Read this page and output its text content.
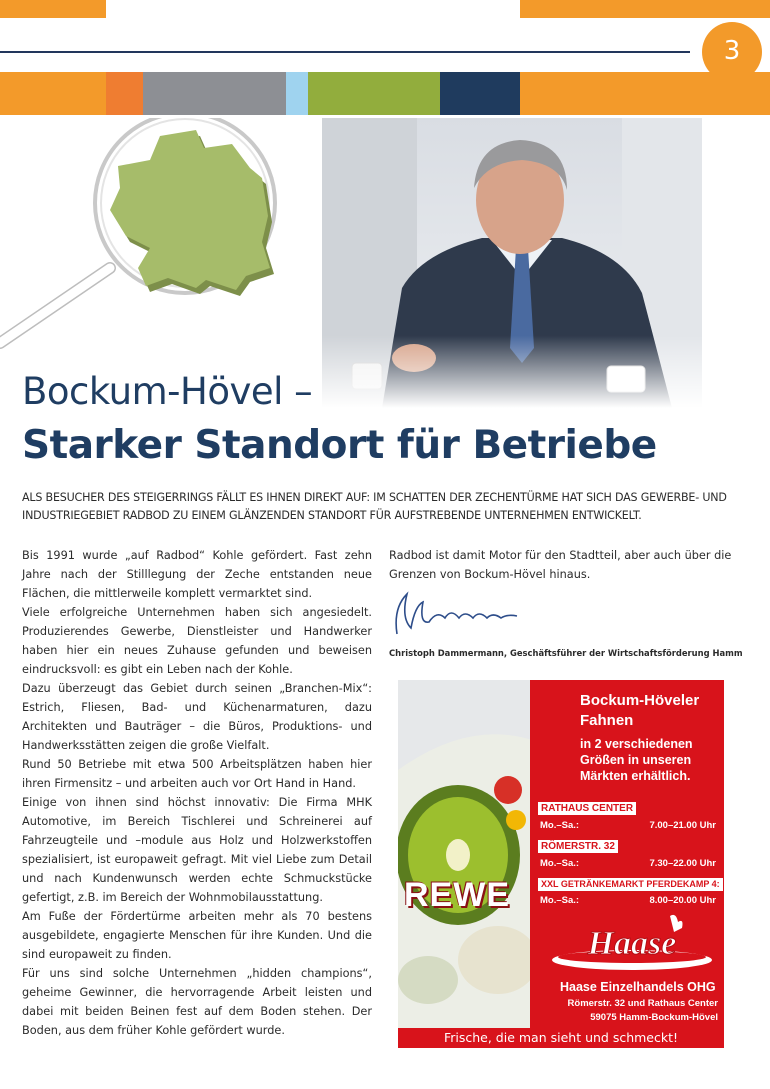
3
Bockum-Hövel –
Starker Standort für Betriebe
ALS BESUCHER DES STEIGERRINGS FÄLLT ES IHNEN DIREKT AUF: IM SCHATTEN DER ZECHENTÜRME HAT SICH DAS GEWERBE- UND INDUSTRIEGEBIET RADBOD ZU EINEM GLÄNZENDEN STANDORT FÜR AUFSTREBENDE UNTERNEHMEN ENTWICKELT.

Bis 1991 wurde „auf Radbod“ Kohle gefördert. Fast zehn Jahre nach der Stilllegung der Zeche entstanden neue Flächen, die mittlerweile komplett vermarktet sind.

Viele erfolgreiche Unternehmen haben sich angesiedelt. Produzierendes Gewerbe, Dienstleister und Handwerker haben hier ein neues Zuhause gefunden und beweisen eindrucksvoll: es gibt ein Leben nach der Kohle.

Dazu überzeugt das Gebiet durch seinen „Branchen-Mix“: Estrich, Fliesen, Bad- und Küchenarmaturen, dazu Architekten und Bauträger – die Büros, Produktions- und Handwerksstätten zeigen die große Vielfalt.

Rund 50 Betriebe mit etwa 500 Arbeitsplätzen haben hier ihren Firmensitz – und arbeiten auch vor Ort Hand in Hand.

Einige von ihnen sind höchst innovativ: Die Firma MHK Automotive, im Bereich Tischlerei und Schreinerei auf Fahrzeugteile und –module aus Holz und Holzwerkstoffen spezialisiert, ist europaweit gefragt. Mit viel Liebe zum Detail und nach Kundenwunsch werden echte Schmuckstücke gefertigt, z.B. im Bereich der Wohnmobilausstattung.

Am Fuße der Fördertürme arbeiten mehr als 70 bestens ausgebildete, engagierte Menschen für ihre Kunden. Und die sind europaweit zu finden.

Für uns sind solche Unternehmen „hidden champions“, geheime Gewinner, die hervorragende Arbeit leisten und dabei mit beiden Beinen fest auf dem Boden stehen. Der Boden, aus dem früher Kohle gefördert wurde.

Radbod ist damit Motor für den Stadtteil, aber auch über die Grenzen von Bockum-Hövel hinaus.
Christoph Dammermann, Geschäftsführer der Wirtschaftsförderung Hamm
REWE
Bockum-Höveler
Fahnen
in 2 verschiedenen
Größen in unseren
Märkten erhältlich.
RATHAUS CENTER
Mo.–Sa.:	7.00–21.00 Uhr
RÖMERSTR. 32
Mo.–Sa.:	7.30–22.00 Uhr
XXL GETRÄNKEMARKT PFERDEKAMP 4:
Mo.–Sa.:	8.00–20.00 Uhr
Haase
Haase Einzelhandels OHG
Römerstr. 32 und Rathaus Center
59075 Hamm-Bockum-Hövel
Frische, die man sieht und schmeckt!
